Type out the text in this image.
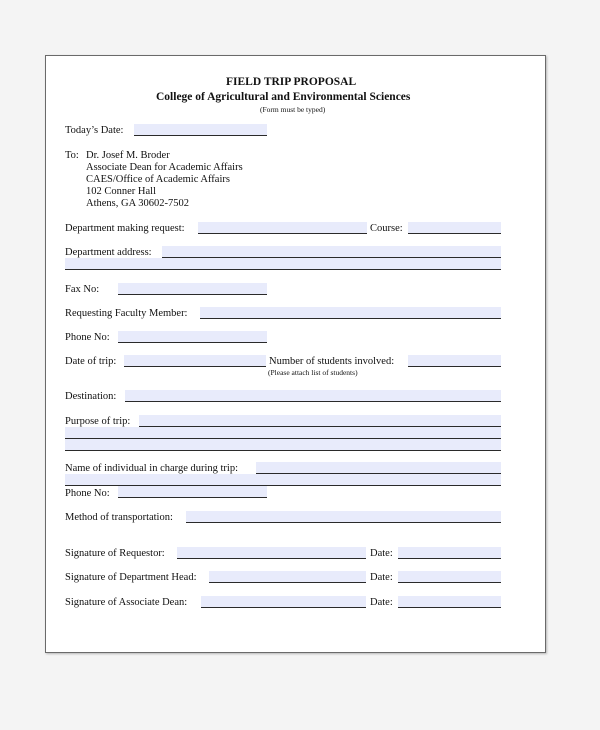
FIELD TRIP PROPOSAL
College of Agricultural and Environmental Sciences
(Form must be typed)
Today’s Date:
To: Dr. Josef M. Broder
Associate Dean for Academic Affairs
CAES/Office of Academic Affairs
102 Conner Hall
Athens, GA 30602-7502
Department making request:	Course:
Department address:
Fax No:
Requesting Faculty Member:
Phone No:
Date of trip:	Number of students involved:
(Please attach list of students)
Destination:
Purpose of trip:
Name of individual in charge during trip:
Phone No:
Method of transportation:
Signature of Requestor:	Date:
Signature of Department Head:	Date:
Signature of Associate Dean:	Date:
